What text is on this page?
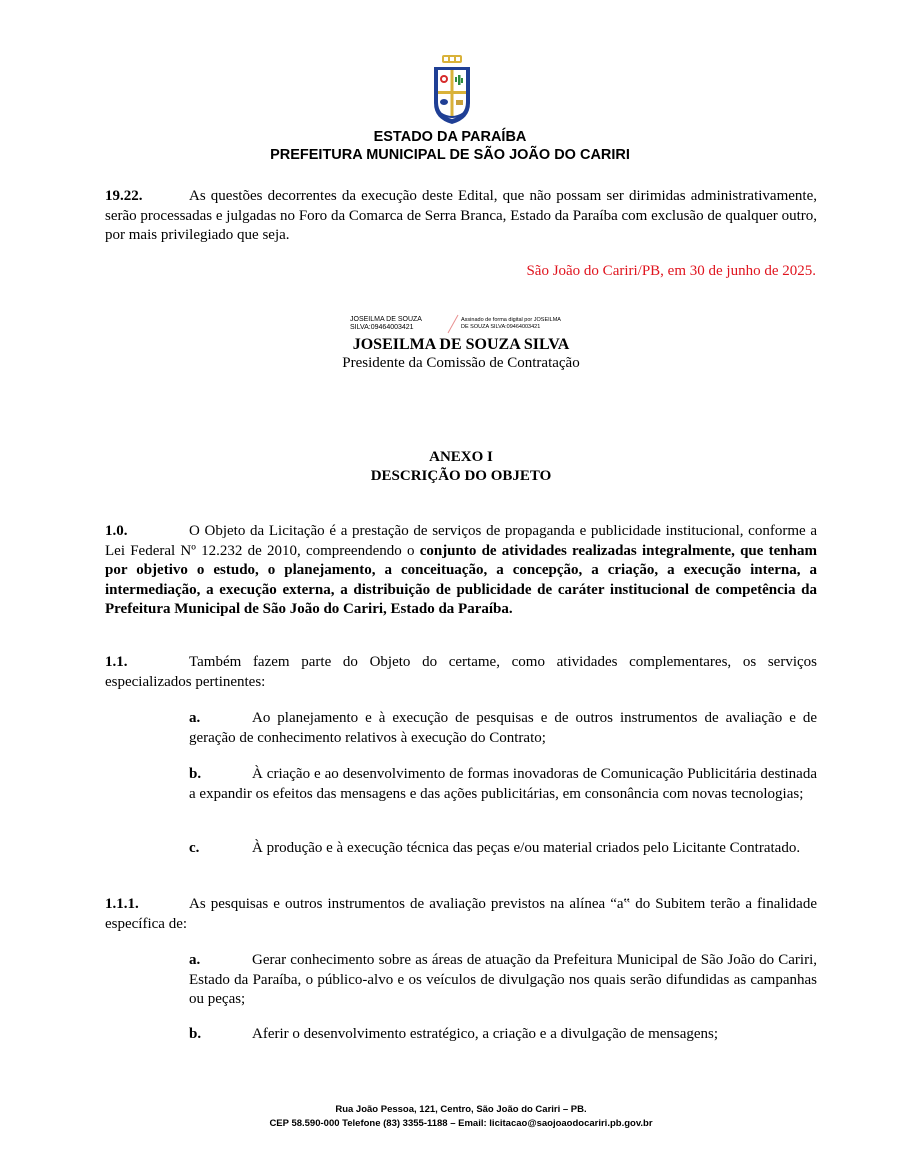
ESTADO DA PARAÍBA
PREFEITURA MUNICIPAL DE SÃO JOÃO DO CARIRI
19.22.	As questões decorrentes da execução deste Edital, que não possam ser dirimidas administrativamente, serão processadas e julgadas no Foro da Comarca de Serra Branca, Estado da Paraíba com exclusão de qualquer outro, por mais privilegiado que seja.
São João do Cariri/PB, em 30 de junho de 2025.
JOSEILMA DE SOUZA
SILVA:09464003421
Assinado de forma digital por JOSEILMA
DE SOUZA SILVA:09464003421
JOSEILMA DE SOUZA SILVA
Presidente da Comissão de Contratação
ANEXO I
DESCRIÇÃO DO OBJETO
1.0.	O Objeto da Licitação é a prestação de serviços de propaganda e publicidade institucional, conforme a Lei Federal Nº 12.232 de 2010, compreendendo o conjunto de atividades realizadas integralmente, que tenham por objetivo o estudo, o planejamento, a conceituação, a concepção, a criação, a execução interna, a intermediação, a execução externa, a distribuição de publicidade de caráter institucional de competência da Prefeitura Municipal de São João do Cariri, Estado da Paraíba.
1.1.	Também fazem parte do Objeto do certame, como atividades complementares, os serviços especializados pertinentes:
a.	Ao planejamento e à execução de pesquisas e de outros instrumentos de avaliação e de geração de conhecimento relativos à execução do Contrato;
b.	À criação e ao desenvolvimento de formas inovadoras de Comunicação Publicitária destinada a expandir os efeitos das mensagens e das ações publicitárias, em consonância com novas tecnologias;
c.	À produção e à execução técnica das peças e/ou material criados pelo Licitante Contratado.
1.1.1.	As pesquisas e outros instrumentos de avaliação previstos na alínea “a‟ do Subitem terão a finalidade específica de:
a.	Gerar conhecimento sobre as áreas de atuação da Prefeitura Municipal de São João do Cariri, Estado da Paraíba, o público-alvo e os veículos de divulgação nos quais serão difundidas as campanhas ou peças;
b.	Aferir o desenvolvimento estratégico, a criação e a divulgação de mensagens;
Rua João Pessoa, 121, Centro, São João do Cariri – PB.
CEP 58.590-000 Telefone (83) 3355-1188 – Email: licitacao@saojoaodocariri.pb.gov.br
